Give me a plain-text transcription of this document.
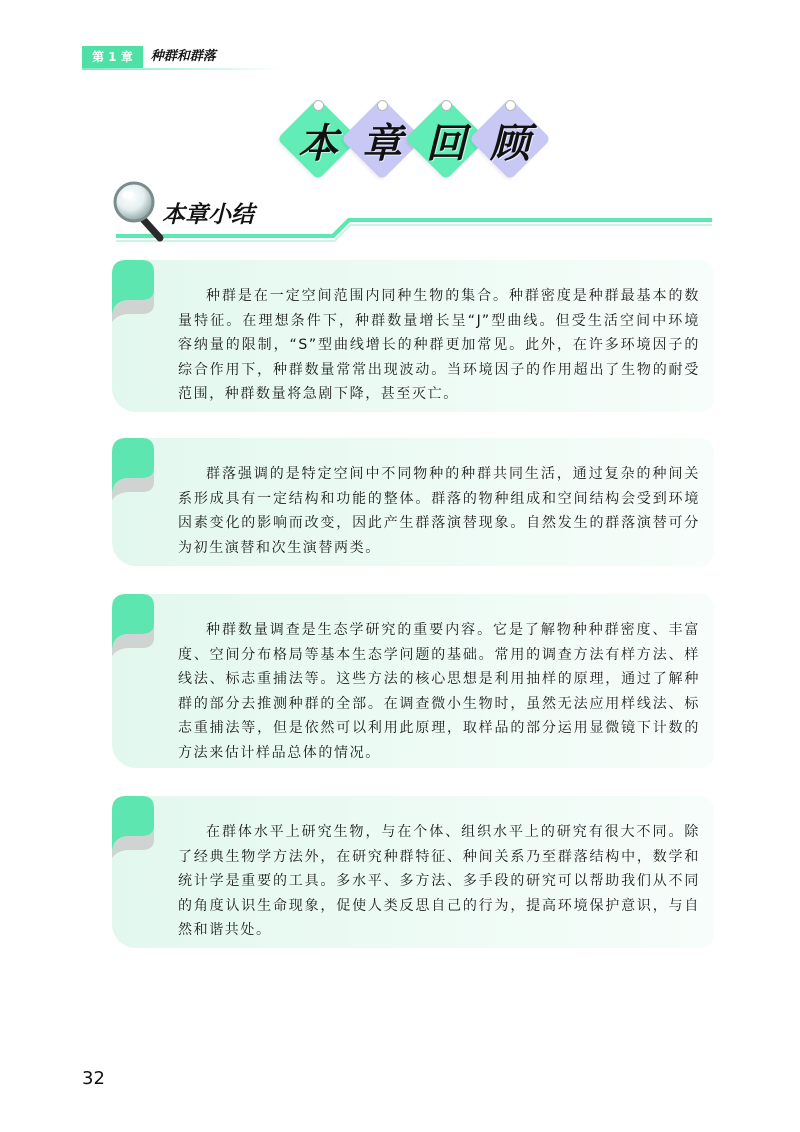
第 1 章	种群和群落
本 章 回 顾
本章小结

种群是在一定空间范围内同种生物的集合。种群密度是种群最基本的数量特征。在理想条件下，种群数量增长呈“J”型曲线。但受生活空间中环境容纳量的限制，“S”型曲线增长的种群更加常见。此外，在许多环境因子的综合作用下，种群数量常常出现波动。当环境因子的作用超出了生物的耐受范围，种群数量将急剧下降，甚至灭亡。

群落强调的是特定空间中不同物种的种群共同生活，通过复杂的种间关系形成具有一定结构和功能的整体。群落的物种组成和空间结构会受到环境因素变化的影响而改变，因此产生群落演替现象。自然发生的群落演替可分为初生演替和次生演替两类。

种群数量调查是生态学研究的重要内容。它是了解物种种群密度、丰富度、空间分布格局等基本生态学问题的基础。常用的调查方法有样方法、样线法、标志重捕法等。这些方法的核心思想是利用抽样的原理，通过了解种群的部分去推测种群的全部。在调查微小生物时，虽然无法应用样线法、标志重捕法等，但是依然可以利用此原理，取样品的部分运用显微镜下计数的方法来估计样品总体的情况。

在群体水平上研究生物，与在个体、组织水平上的研究有很大不同。除了经典生物学方法外，在研究种群特征、种间关系乃至群落结构中，数学和统计学是重要的工具。多水平、多方法、多手段的研究可以帮助我们从不同的角度认识生命现象，促使人类反思自己的行为，提高环境保护意识，与自然和谐共处。

32
